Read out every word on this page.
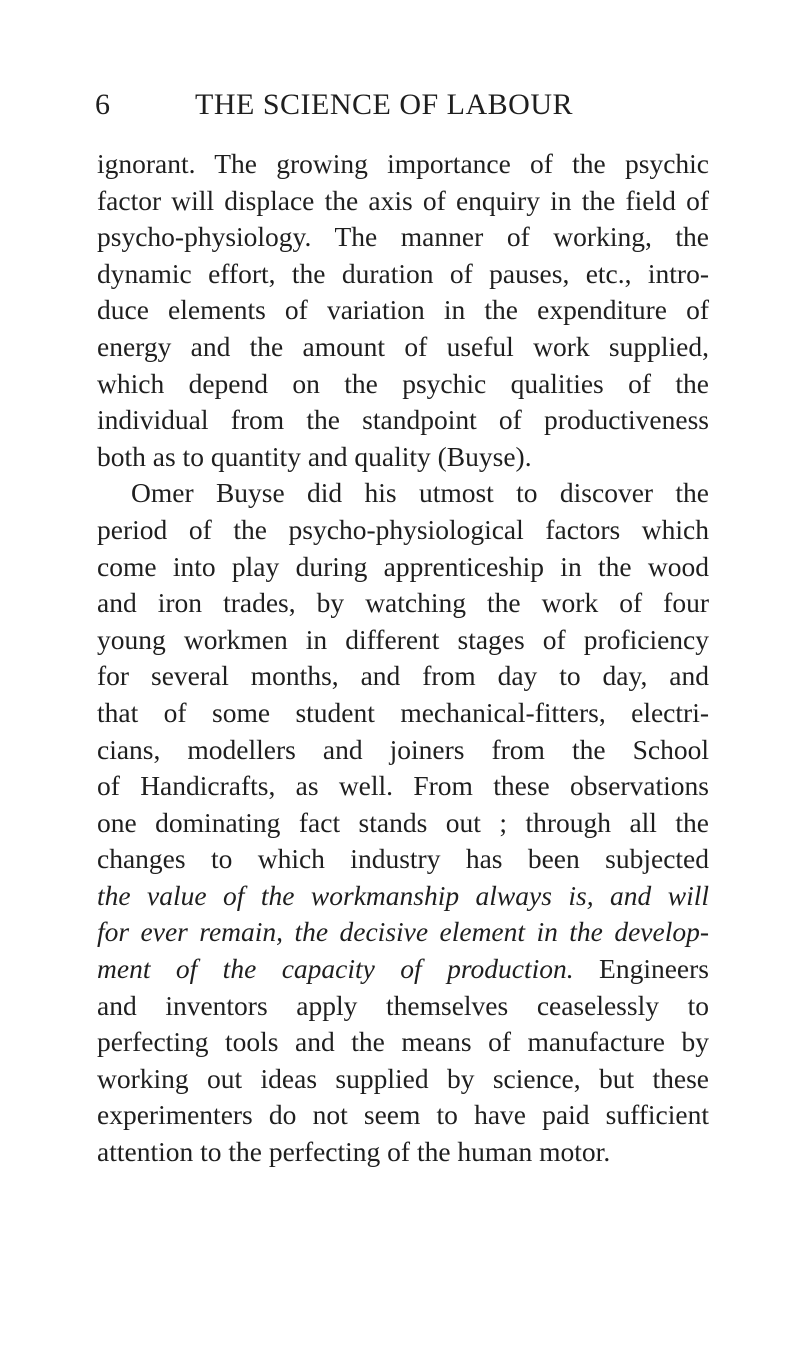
6	THE SCIENCE OF LABOUR
ignorant. The growing importance of the psychic
factor will displace the axis of enquiry in the field of
psycho-physiology. The manner of working, the
dynamic effort, the duration of pauses, etc., intro-
duce elements of variation in the expenditure of
energy and the amount of useful work supplied,
which depend on the psychic qualities of the
individual from the standpoint of productiveness
both as to quantity and quality (Buyse).
Omer Buyse did his utmost to discover the
period of the psycho-physiological factors which
come into play during apprenticeship in the wood
and iron trades, by watching the work of four
young workmen in different stages of proficiency
for several months, and from day to day, and
that of some student mechanical-fitters, electri-
cians, modellers and joiners from the School
of Handicrafts, as well. From these observations
one dominating fact stands out ; through all the
changes to which industry has been subjected
the value of the workmanship always is, and will
for ever remain, the decisive element in the develop-
ment of the capacity of production. Engineers
and inventors apply themselves ceaselessly to
perfecting tools and the means of manufacture by
working out ideas supplied by science, but these
experimenters do not seem to have paid sufficient
attention to the perfecting of the human motor.
